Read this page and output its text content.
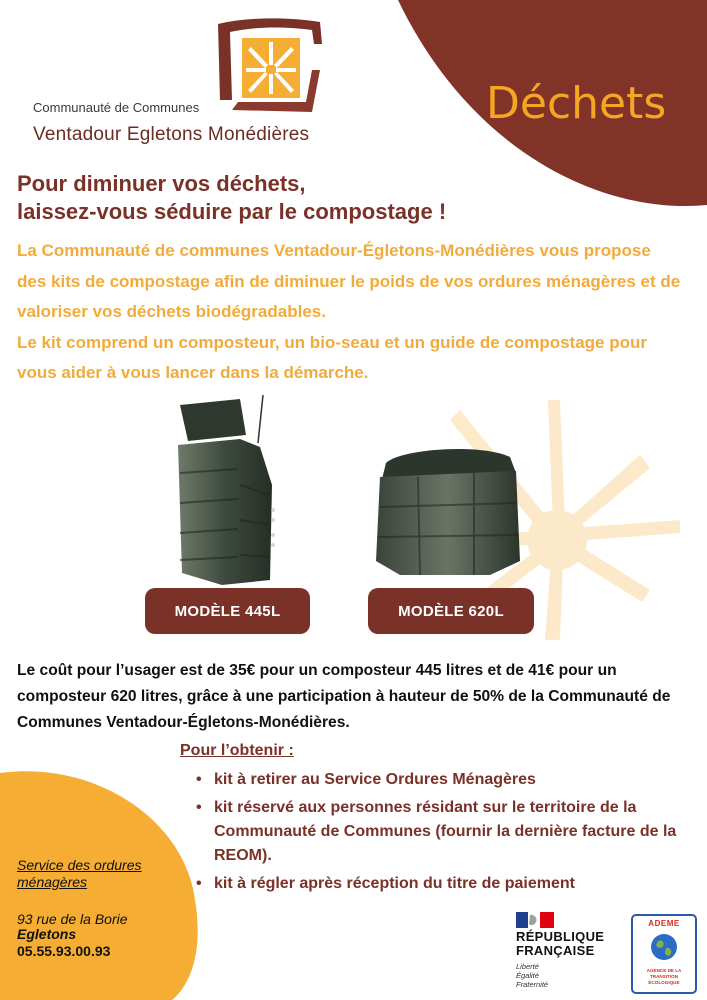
Communauté de Communes
Ventadour Egletons Monédières
Déchets
Pour diminuer vos déchets,
laissez-vous séduire par le compostage !
La Communauté de communes Ventadour-Égletons-Monédières vous propose des kits de compostage afin de diminuer le poids de vos ordures ménagères et de valoriser vos déchets biodégradables.
Le kit comprend un composteur, un bio-seau et un guide de compostage pour vous aider à vous lancer dans la démarche.
MODÈLE 445L	MODÈLE 620L
Le coût pour l’usager est de 35€ pour un composteur 445 litres et de 41€ pour un composteur 620 litres, grâce à une participation à hauteur de 50% de la Communauté de Communes Ventadour-Égletons-Monédières.
Pour l’obtenir :
• kit à retirer au Service Ordures Ménagères
• kit réservé aux personnes résidant sur le territoire de la Communauté de Communes (fournir la dernière facture de la REOM).
• kit à régler après réception du titre de paiement
Service des ordures ménagères
93 rue de la Borie
Egletons
05.55.93.00.93
RÉPUBLIQUE
FRANÇAISE
Liberté
Égalité
Fraternité
ADEME
AGENCE DE LA
TRANSITION
ÉCOLOGIQUE
